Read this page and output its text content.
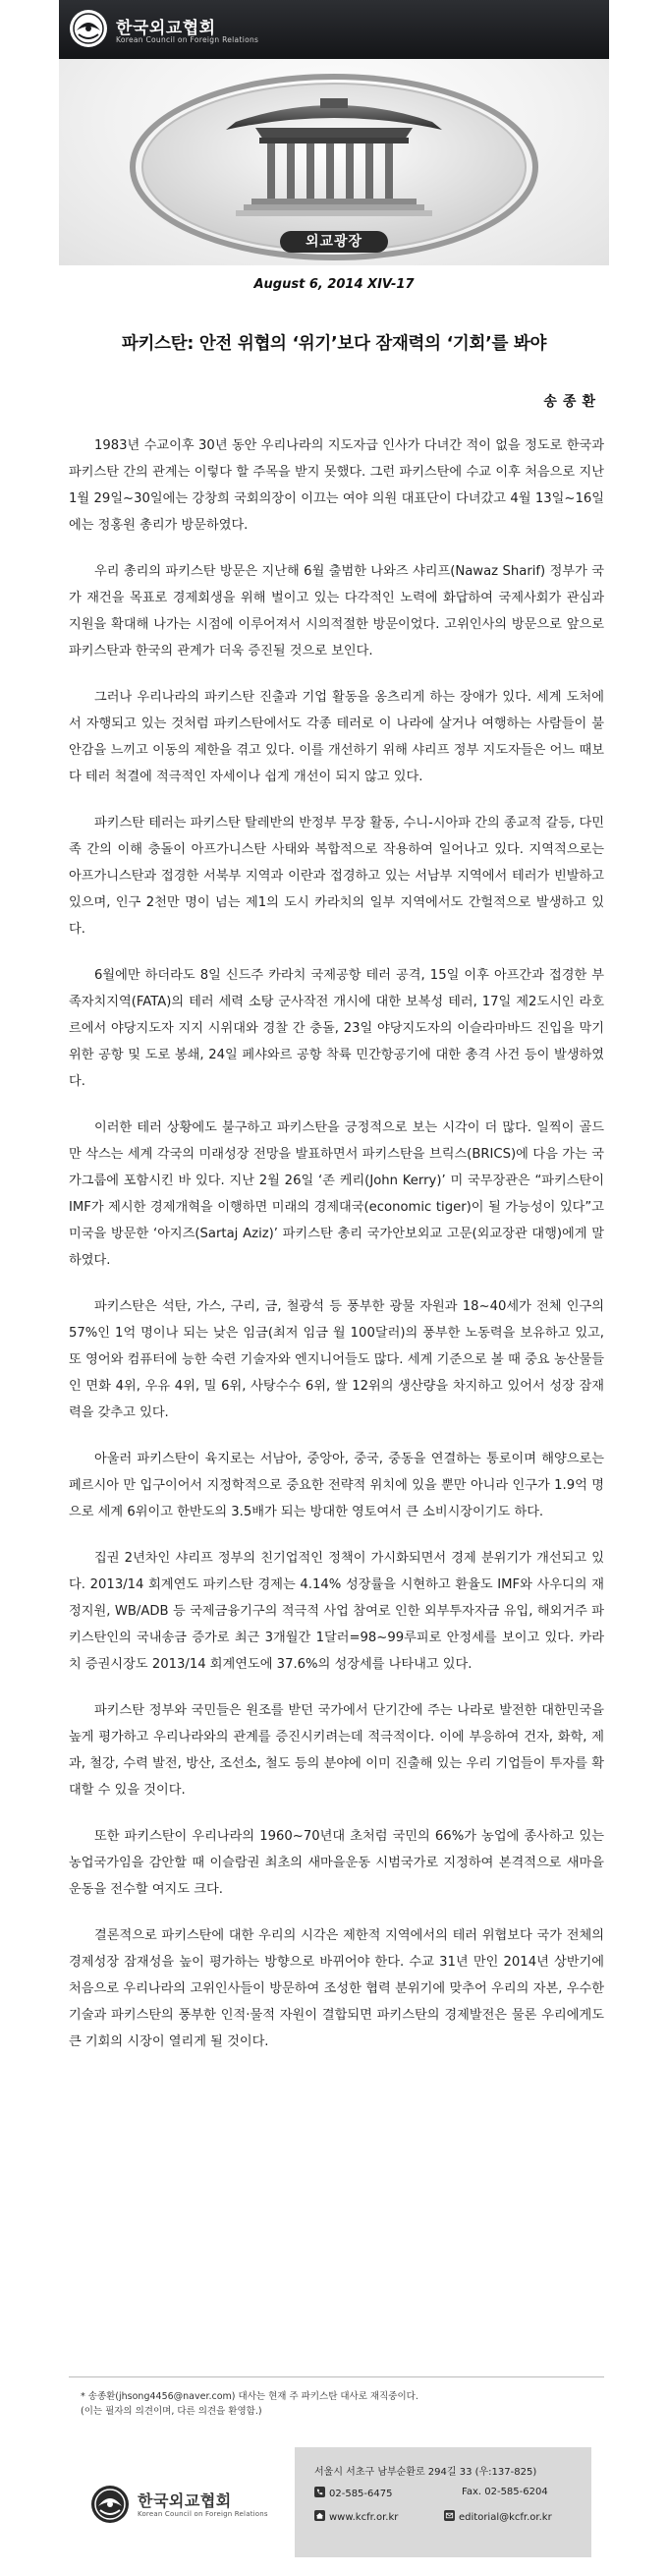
한국외교협회
Korean Council on Foreign Relations
외교광장
August 6, 2014 XIV-17
파키스탄: 안전 위협의 ‘위기’보다 잠재력의 ‘기회’를 봐야
송종환

1983년 수교이후 30년 동안 우리나라의 지도자급 인사가 다녀간 적이 없을 정도로 한국과 파키스탄 간의 관계는 이렇다 할 주목을 받지 못했다. 그런 파키스탄에 수교 이후 처음으로 지난 1월 29일~30일에는 강창희 국회의장이 이끄는 여야 의원 대표단이 다녀갔고 4월 13일~16일에는 정홍원 총리가 방문하였다.

우리 총리의 파키스탄 방문은 지난해 6월 출범한 나와즈 샤리프(Nawaz Sharif) 정부가 국가 재건을 목표로 경제회생을 위해 벌이고 있는 다각적인 노력에 화답하여 국제사회가 관심과 지원을 확대해 나가는 시점에 이루어져서 시의적절한 방문이었다. 고위인사의 방문으로 앞으로 파키스탄과 한국의 관계가 더욱 증진될 것으로 보인다.

그러나 우리나라의 파키스탄 진출과 기업 활동을 옹츠리게 하는 장애가 있다. 세계 도처에서 자행되고 있는 것처럼 파키스탄에서도 각종 테러로 이 나라에 살거나 여행하는 사람들이 불안감을 느끼고 이동의 제한을 겪고 있다. 이를 개선하기 위해 샤리프 정부 지도자들은 어느 때보다 테러 척결에 적극적인 자세이나 쉽게 개선이 되지 않고 있다.

파키스탄 테러는 파키스탄 탈레반의 반정부 무장 활동, 수니-시아파 간의 종교적 갈등, 다민족 간의 이해 충돌이 아프가니스탄 사태와 복합적으로 작용하여 일어나고 있다. 지역적으로는 아프가니스탄과 접경한 서북부 지역과 이란과 접경하고 있는 서남부 지역에서 테러가 빈발하고 있으며, 인구 2천만 명이 넘는 제1의 도시 카라치의 일부 지역에서도 간헐적으로 발생하고 있다.

6월에만 하더라도 8일 신드주 카라치 국제공항 테러 공격, 15일 이후 아프간과 접경한 부족자치지역(FATA)의 테러 세력 소탕 군사작전 개시에 대한 보복성 테러, 17일 제2도시인 라호르에서 야당지도자 지지 시위대와 경찰 간 충돌, 23일 야당지도자의 이슬라마바드 진입을 막기 위한 공항 및 도로 봉쇄, 24일 페샤와르 공항 착륙 민간항공기에 대한 총격 사건 등이 발생하였다.

이러한 테러 상황에도 불구하고 파키스탄을 긍정적으로 보는 시각이 더 많다. 일찍이 골드만 삭스는 세계 각국의 미래성장 전망을 발표하면서 파키스탄을 브릭스(BRICS)에 다음 가는 국가그룹에 포함시킨 바 있다. 지난 2월 26일 ‘존 케리(John Kerry)’ 미 국무장관은 “파키스탄이 IMF가 제시한 경제개혁을 이행하면 미래의 경제대국(economic tiger)이 될 가능성이 있다”고 미국을 방문한 ‘아지즈(Sartaj Aziz)’ 파키스탄 총리 국가안보외교 고문(외교장관 대행)에게 말하였다.

파키스탄은 석탄, 가스, 구리, 금, 철광석 등 풍부한 광물 자원과 18~40세가 전체 인구의 57%인 1억 명이나 되는 낮은 임금(최저 임금 월 100달러)의 풍부한 노동력을 보유하고 있고, 또 영어와 컴퓨터에 능한 숙련 기술자와 엔지니어들도 많다. 세계 기준으로 볼 때 중요 농산물들인 면화 4위, 우유 4위, 밀 6위, 사탕수수 6위, 쌀 12위의 생산량을 차지하고 있어서 성장 잠재력을 갖추고 있다.

아울러 파키스탄이 육지로는 서남아, 중앙아, 중국, 중동을 연결하는 통로이며 해양으로는 페르시아 만 입구이어서 지정학적으로 중요한 전략적 위치에 있을 뿐만 아니라 인구가 1.9억 명으로 세계 6위이고 한반도의 3.5배가 되는 방대한 영토여서 큰 소비시장이기도 하다.

집권 2년차인 샤리프 정부의 친기업적인 정책이 가시화되면서 경제 분위기가 개선되고 있다. 2013/14 회계연도 파키스탄 경제는 4.14% 성장률을 시현하고 환율도 IMF와 사우디의 재정지원, WB/ADB 등 국제금융기구의 적극적 사업 참여로 인한 외부투자자금 유입, 해외거주 파키스탄인의 국내송금 증가로 최근 3개월간 1달러=98~99루피로 안정세를 보이고 있다. 카라치 증권시장도 2013/14 회계연도에 37.6%의 성장세를 나타내고 있다.

파키스탄 정부와 국민들은 원조를 받던 국가에서 단기간에 주는 나라로 발전한 대한민국을 높게 평가하고 우리나라와의 관계를 증진시키려는데 적극적이다. 이에 부응하여 건자, 화학, 제과, 철강, 수력 발전, 방산, 조선소, 철도 등의 분야에 이미 진출해 있는 우리 기업들이 투자를 확대할 수 있을 것이다.

또한 파키스탄이 우리나라의 1960~70년대 초처럼 국민의 66%가 농업에 종사하고 있는 농업국가임을 감안할 때 이슬람권 최초의 새마을운동 시범국가로 지정하여 본격적으로 새마을운동을 전수할 여지도 크다.

결론적으로 파키스탄에 대한 우리의 시각은 제한적 지역에서의 테러 위협보다 국가 전체의 경제성장 잠재성을 높이 평가하는 방향으로 바뀌어야 한다. 수교 31년 만인 2014년 상반기에 처음으로 우리나라의 고위인사들이 방문하여 조성한 협력 분위기에 맞추어 우리의 자본, 우수한 기술과 파키스탄의 풍부한 인적·물적 자원이 결합되면 파키스탄의 경제발전은 물론 우리에게도 큰 기회의 시장이 열리게 될 것이다.

* 송종환(jhsong4456@naver.com) 대사는 현재 주 파키스탄 대사로 재직중이다.
(이는 필자의 의견이며, 다른 의견을 환영함.)
한국외교협회
Korean Council on Foreign Relations
서울시 서초구 남부순환로 294길 33 (우:137-825)
02-585-6475	Fax. 02-585-6204
www.kcfr.or.kr	editorial@kcfr.or.kr
